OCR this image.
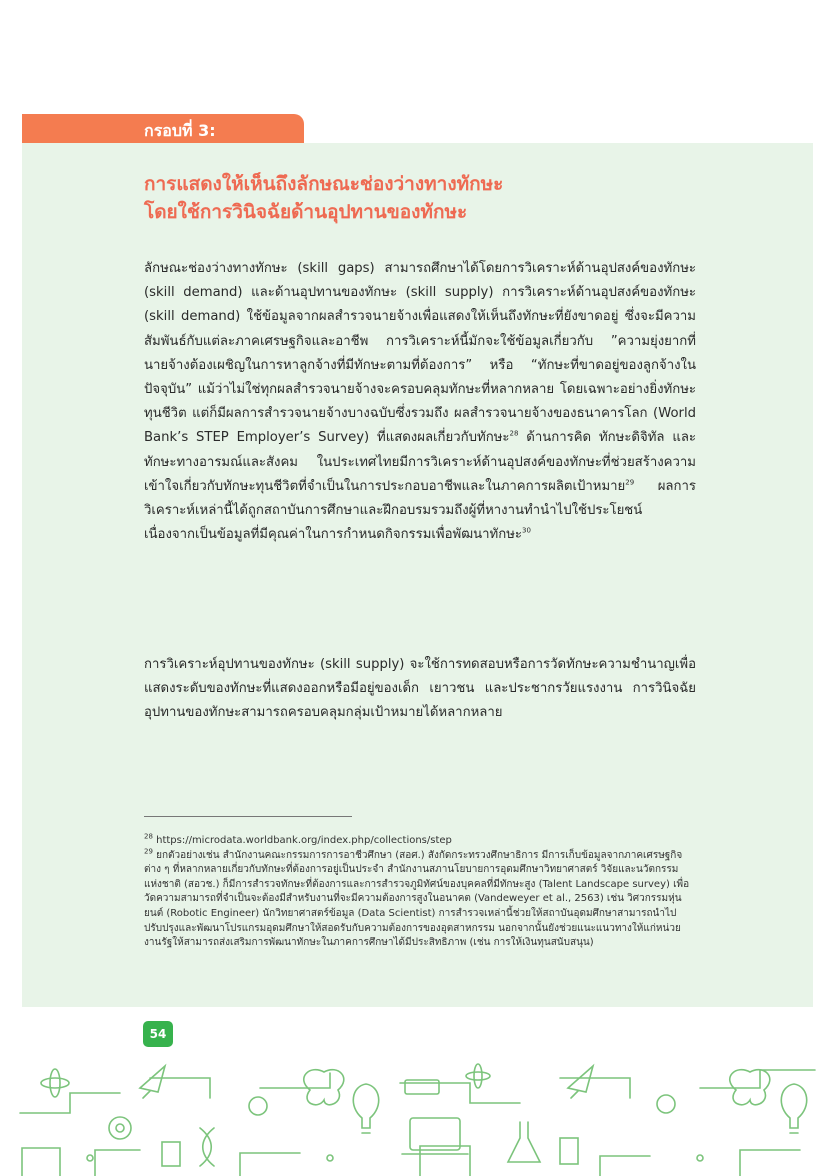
กรอบที่ 3:
การแสดงให้เห็นถึงลักษณะช่องว่างทางทักษะ
โดยใช้การวินิจฉัยด้านอุปทานของทักษะ

ลักษณะช่องว่างทางทักษะ (skill gaps) สามารถศึกษาได้โดยการวิเคราะห์ด้านอุปสงค์ของทักษะ (skill demand) และด้านอุปทานของทักษะ (skill supply) การวิเคราะห์ด้านอุปสงค์ของทักษะ (skill demand) ใช้ข้อมูลจากผลสำรวจนายจ้างเพื่อแสดงให้เห็นถึงทักษะที่ยังขาดอยู่ ซึ่งจะมีความสัมพันธ์กับแต่ละภาคเศรษฐกิจและอาชีพ การวิเคราะห์นี้มักจะใช้ข้อมูลเกี่ยวกับ ”ความยุ่งยากที่นายจ้างต้องเผชิญในการหาลูกจ้างที่มีทักษะตามที่ต้องการ” หรือ “ทักษะที่ขาดอยู่ของลูกจ้างในปัจจุบัน” แม้ว่าไม่ใช่ทุกผลสำรวจนายจ้างจะครอบคลุมทักษะที่หลากหลาย โดยเฉพาะอย่างยิ่งทักษะทุนชีวิต แต่ก็มีผลการสำรวจนายจ้างบางฉบับซึ่งรวมถึง ผลสำรวจนายจ้างของธนาคารโลก (World Bank’s STEP Employer’s Survey) ที่แสดงผลเกี่ยวกับทักษะ$^{28}$ ด้านการคิด ทักษะดิจิทัล และทักษะทางอารมณ์และสังคม ในประเทศไทยมีการวิเคราะห์ด้านอุปสงค์ของทักษะที่ช่วยสร้างความเข้าใจเกี่ยวกับทักษะทุนชีวิตที่จำเป็นในการประกอบอาชีพและในภาคการผลิตเป้าหมาย$^{29}$ ผลการวิเคราะห์เหล่านี้ได้ถูกสถาบันการศึกษาและฝึกอบรมรวมถึงผู้ที่หางานทำนำไปใช้ประโยชน์ เนื่องจากเป็นข้อมูลที่มีคุณค่าในการกำหนดกิจกรรมเพื่อพัฒนาทักษะ$^{30}$

การวิเคราะห์อุปทานของทักษะ (skill supply) จะใช้การทดสอบหรือการวัดทักษะความชำนาญเพื่อแสดงระดับของทักษะที่แสดงออกหรือมีอยู่ของเด็ก เยาวชน และประชากรวัยแรงงาน การวินิจฉัยอุปทานของทักษะสามารถครอบคลุมกลุ่มเป้าหมายได้หลากหลาย

$^{28}$ https://microdata.worldbank.org/index.php/collections/step

$^{29}$ ยกตัวอย่างเช่น สำนักงานคณะกรรมการการอาชีวศึกษา (สอศ.) สังกัดกระทรวงศึกษาธิการ มีการเก็บข้อมูลจากภาคเศรษฐกิจต่าง ๆ ที่หลากหลายเกี่ยวกับทักษะที่ต้องการอยู่เป็นประจำ สำนักงานสภานโยบายการอุดมศึกษาวิทยาศาสตร์ วิจัยและนวัตกรรมแห่งชาติ (สอวช.) ก็มีการสำรวจทักษะที่ต้องการและการสำรวจภูมิทัศน์ของบุคคลที่มีทักษะสูง (Talent Landscape survey) เพื่อวัดความสามารถที่จำเป็นจะต้องมีสำหรับงานที่จะมีความต้องการสูงในอนาคต (Vandeweyer et al., 2563) เช่น วิศวกรรมหุ่นยนต์ (Robotic Engineer) นักวิทยาศาสตร์ข้อมูล (Data Scientist) การสำรวจเหล่านี้ช่วยให้สถาบันอุดมศึกษาสามารถนำไปปรับปรุงและพัฒนาโปรแกรมอุดมศึกษาให้สอดรับกับความต้องการของอุตสาหกรรม นอกจากนั้นยังช่วยแนะแนวทางให้แก่หน่วยงานรัฐให้สามารถส่งเสริมการพัฒนาทักษะในภาคการศึกษาได้มีประสิทธิภาพ (เช่น การให้เงินทุนสนับสนุน)

54
